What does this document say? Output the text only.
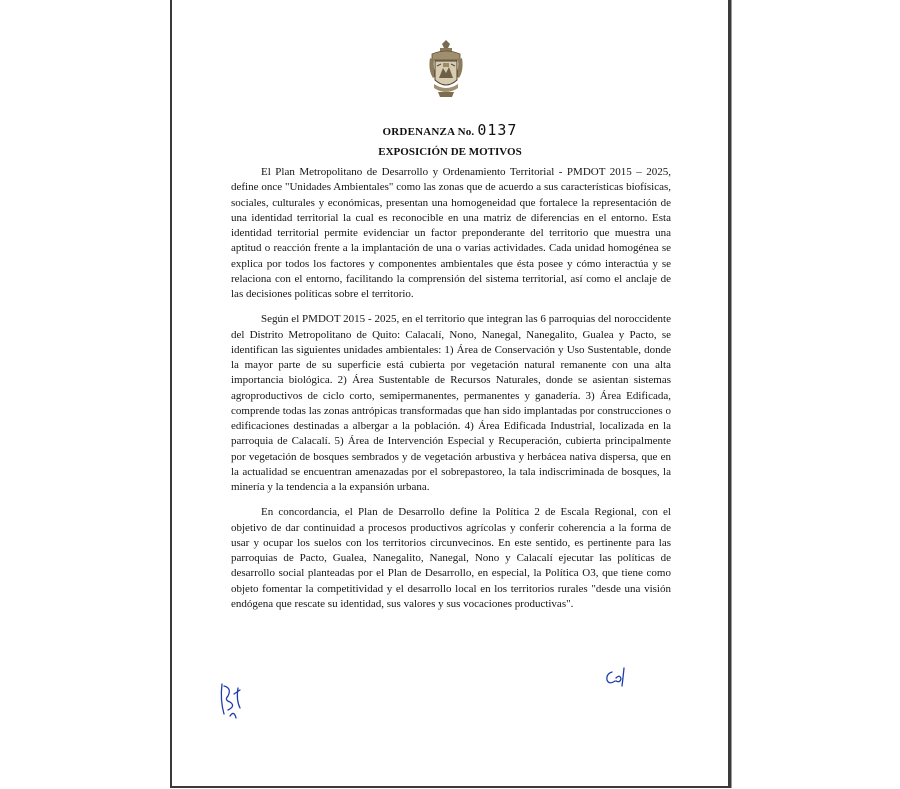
ORDENANZA No. 0137
EXPOSICIÓN DE MOTIVOS

El Plan Metropolitano de Desarrollo y Ordenamiento Territorial - PMDOT 2015 – 2025, define once "Unidades Ambientales" como las zonas que de acuerdo a sus características biofísicas, sociales, culturales y económicas, presentan una homogeneidad que fortalece la representación de una identidad territorial la cual es reconocible en una matriz de diferencias en el entorno. Esta identidad territorial permite evidenciar un factor preponderante del territorio que muestra una aptitud o reacción frente a la implantación de una o varias actividades. Cada unidad homogénea se explica por todos los factores y componentes ambientales que ésta posee y cómo interactúa y se relaciona con el entorno, facilitando la comprensión del sistema territorial, así como el anclaje de las decisiones políticas sobre el territorio.

Según el PMDOT 2015 - 2025, en el territorio que integran las 6 parroquias del noroccidente del Distrito Metropolitano de Quito: Calacalí, Nono, Nanegal, Nanegalito, Gualea y Pacto, se identifican las siguientes unidades ambientales: 1) Área de Conservación y Uso Sustentable, donde la mayor parte de su superficie está cubierta por vegetación natural remanente con una alta importancia biológica. 2) Área Sustentable de Recursos Naturales, donde se asientan sistemas agroproductivos de ciclo corto, semipermanentes, permanentes y ganadería. 3) Área Edificada, comprende todas las zonas antrópicas transformadas que han sido implantadas por construcciones o edificaciones destinadas a albergar a la población. 4) Área Edificada Industrial, localizada en la parroquia de Calacalí. 5) Área de Intervención Especial y Recuperación, cubierta principalmente por vegetación de bosques sembrados y de vegetación arbustiva y herbácea nativa dispersa, que en la actualidad se encuentran amenazadas por el sobrepastoreo, la tala indiscriminada de bosques, la minería y la tendencia a la expansión urbana.

En concordancia, el Plan de Desarrollo define la Política 2 de Escala Regional, con el objetivo de dar continuidad a procesos productivos agrícolas y conferir coherencia a la forma de usar y ocupar los suelos con los territorios circunvecinos. En este sentido, es pertinente para las parroquias de Pacto, Gualea, Nanegalito, Nanegal, Nono y Calacalí ejecutar las políticas de desarrollo social planteadas por el Plan de Desarrollo, en especial, la Política O3, que tiene como objeto fomentar la competitividad y el desarrollo local en los territorios rurales "desde una visión endógena que rescate su identidad, sus valores y sus vocaciones productivas".
